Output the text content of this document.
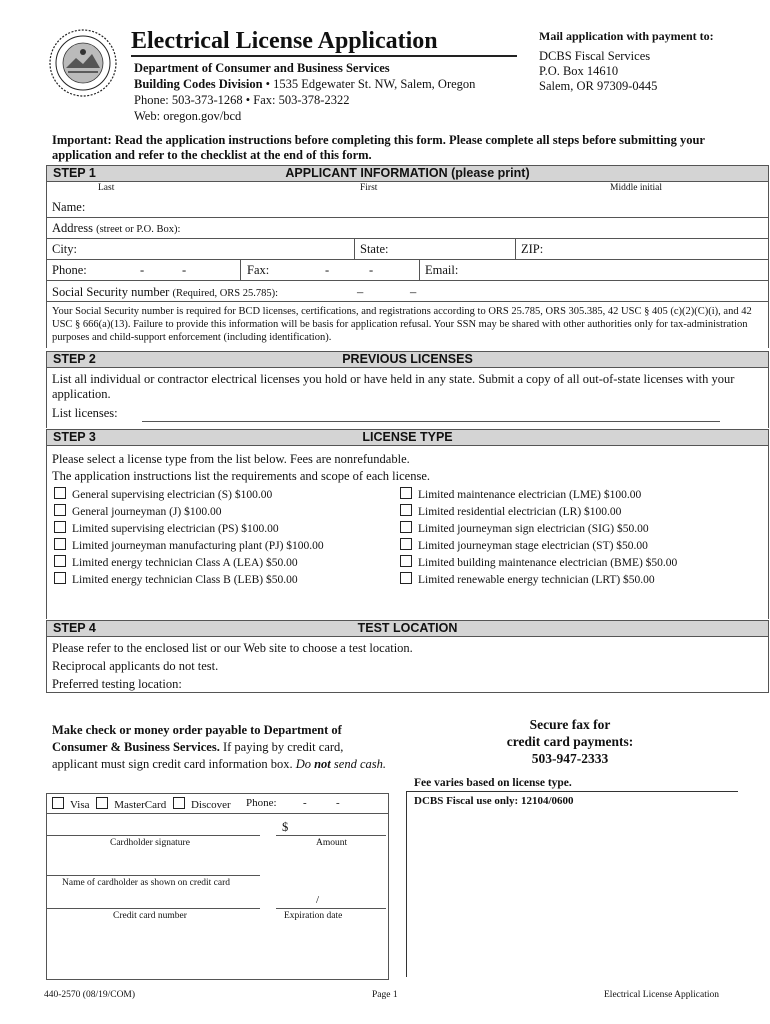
Electrical License Application
Department of Consumer and Business Services
Building Codes Division • 1535 Edgewater St. NW, Salem, Oregon
Phone: 503-373-1268 • Fax: 503-378-2322
Web: oregon.gov/bcd
Mail application with payment to:
DCBS Fiscal Services
P.O. Box 14610
Salem, OR 97309-0445
Important: Read the application instructions before completing this form. Please complete all steps before submitting your application and refer to the checklist at the end of this form.
STEP 1	APPLICANT INFORMATION (please print)
Last	First	Middle initial
Name:
Address (street or P.O. Box):
City:	State:	ZIP:
Phone:	-	-	Fax:	-	-	Email:
Social Security number (Required, ORS 25.785):	–	–
Your Social Security number is required for BCD licenses, certifications, and registrations according to ORS 25.785, ORS 305.385, 42 USC § 405 (c)(2)(C)(i), and 42 USC § 666(a)(13). Failure to provide this information will be basis for application refusal. Your SSN may be shared with other authorities only for tax-administration purposes and child-support enforcement (including identification).
STEP 2	PREVIOUS LICENSES
List all individual or contractor electrical licenses you hold or have held in any state. Submit a copy of all out-of-state licenses with your application.
List licenses:
STEP 3	LICENSE TYPE
Please select a license type from the list below. Fees are nonrefundable.
The application instructions list the requirements and scope of each license.
General supervising electrician (S) $100.00
General journeyman (J) $100.00
Limited supervising electrician (PS) $100.00
Limited journeyman manufacturing plant (PJ) $100.00
Limited energy technician Class A (LEA) $50.00
Limited energy technician Class B (LEB) $50.00
Limited maintenance electrician (LME) $100.00
Limited residential electrician (LR) $100.00
Limited journeyman sign electrician (SIG) $50.00
Limited journeyman stage electrician (ST) $50.00
Limited building maintenance electrician (BME) $50.00
Limited renewable energy technician (LRT) $50.00
STEP 4	TEST LOCATION
Please refer to the enclosed list or our Web site to choose a test location.
Reciprocal applicants do not test.
Preferred testing location:
Make check or money order payable to Department of Consumer & Business Services. If paying by credit card, applicant must sign credit card information box. Do not send cash.
Secure fax for
credit card payments:
503-947-2333
Fee varies based on license type.
DCBS Fiscal use only: 12104/0600
Visa MasterCard Discover Phone: -	-
$
Cardholder signature	Amount
Name of cardholder as shown on credit card
/
Credit card number	Expiration date
440-2570 (08/19/COM)	Page 1	Electrical License Application
